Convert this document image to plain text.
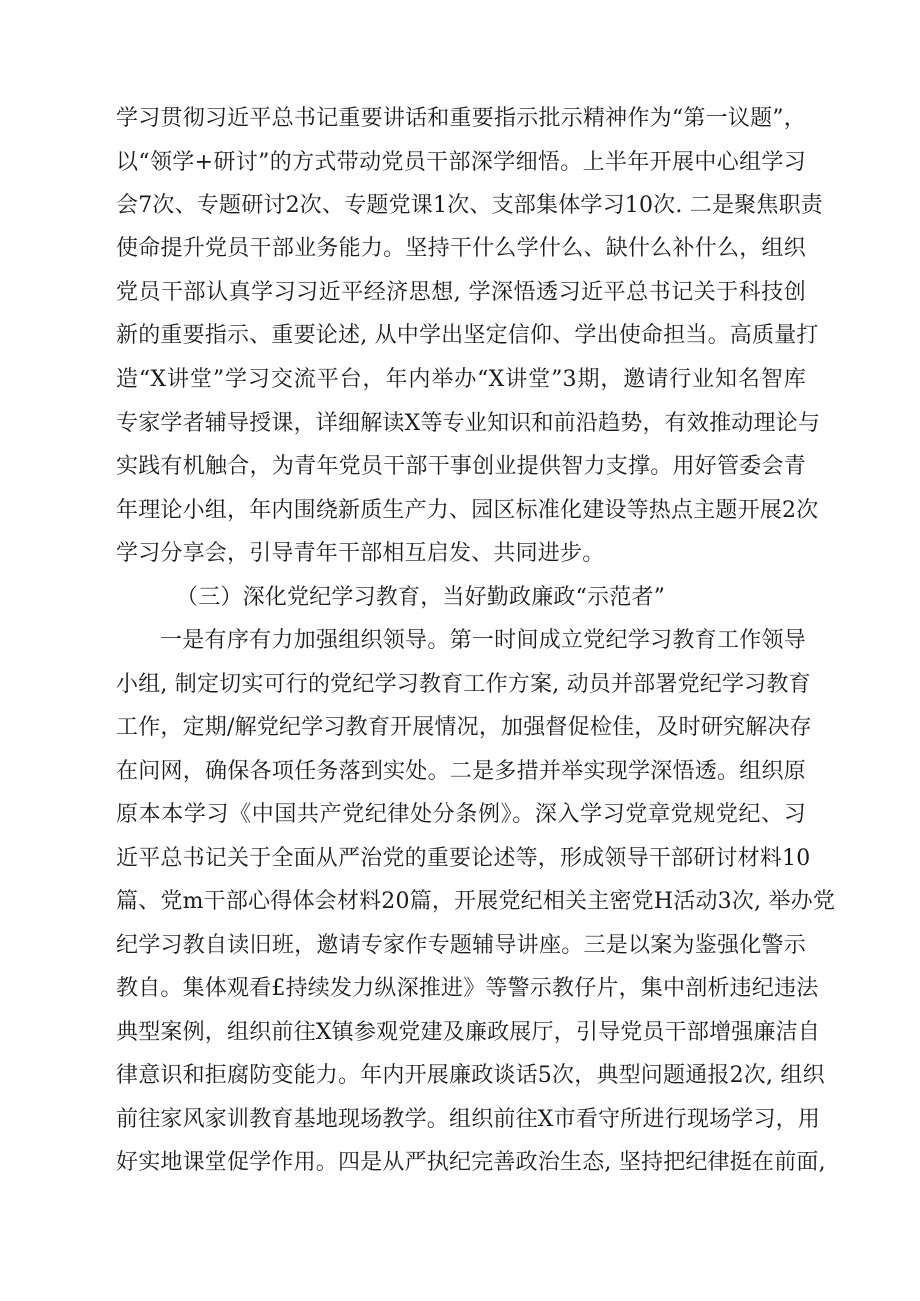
学习贯彻习近平总书记重要讲话和重要指示批示精神作为“第一议题”，
以“领学+研讨”的方式带动党员干部深学细悟。上半年开展中心组学习
会7次、专题研讨2次、专题党课1次、支部集体学习10次. 二是聚焦职责
使命提升党员干部业务能力。坚持干什么学什么、缺什么补什么，组织
党员干部认真学习习近平经济思想, 学深悟透习近平总书记关于科技创
新的重要指示、重要论述, 从中学出坚定信仰、学出使命担当。高质量打
造“X讲堂”学习交流平台，年内举办“X讲堂”3期，邀请行业知名智库
专家学者辅导授课，详细解读X等专业知识和前沿趋势，有效推动理论与
实践有机触合，为青年党员干部干事创业提供智力支撑。用好管委会青
年理论小组，年内围绕新质生产力、园区标准化建设等热点主题开展2次
学习分享会，引导青年干部相互启发、共同进步。
（三）深化党纪学习教育，当好勤政廉政“示范者”
一是有序有力加强组织领导。第一时间成立党纪学习教育工作领导
小组, 制定切实可行的党纪学习教育工作方案, 动员并部署党纪学习教育
工作，定期/解党纪学习教育开展情况，加强督促检佳，及时研究解决存
在问网，确保各项任务落到实处。二是多措并举实现学深悟透。组织原
原本本学习《中国共产党纪律处分条例》。深入学习党章党规党纪、习
近平总书记关于全面从严治党的重要论述等，形成领导干部研讨材料10
篇、党m干部心得体会材料20篇，开展党纪相关主密党H活动3次, 举办党
纪学习教自读旧班，邀请专家作专题辅导讲座。三是以案为鉴强化警示
教自。集体观看£持续发力纵深推进》等警示教仔片，集中剖析违纪违法
典型案例，组织前往X镇参观党建及廉政展厅，引导党员干部增强廉洁自
律意识和拒腐防变能力。年内开展廉政谈话5次，典型问题通报2次, 组织
前往家风家训教育基地现场教学。组织前往X市看守所进行现场学习，用
好实地课堂促学作用。四是从严执纪完善政治生态, 坚持把纪律挺在前面,
